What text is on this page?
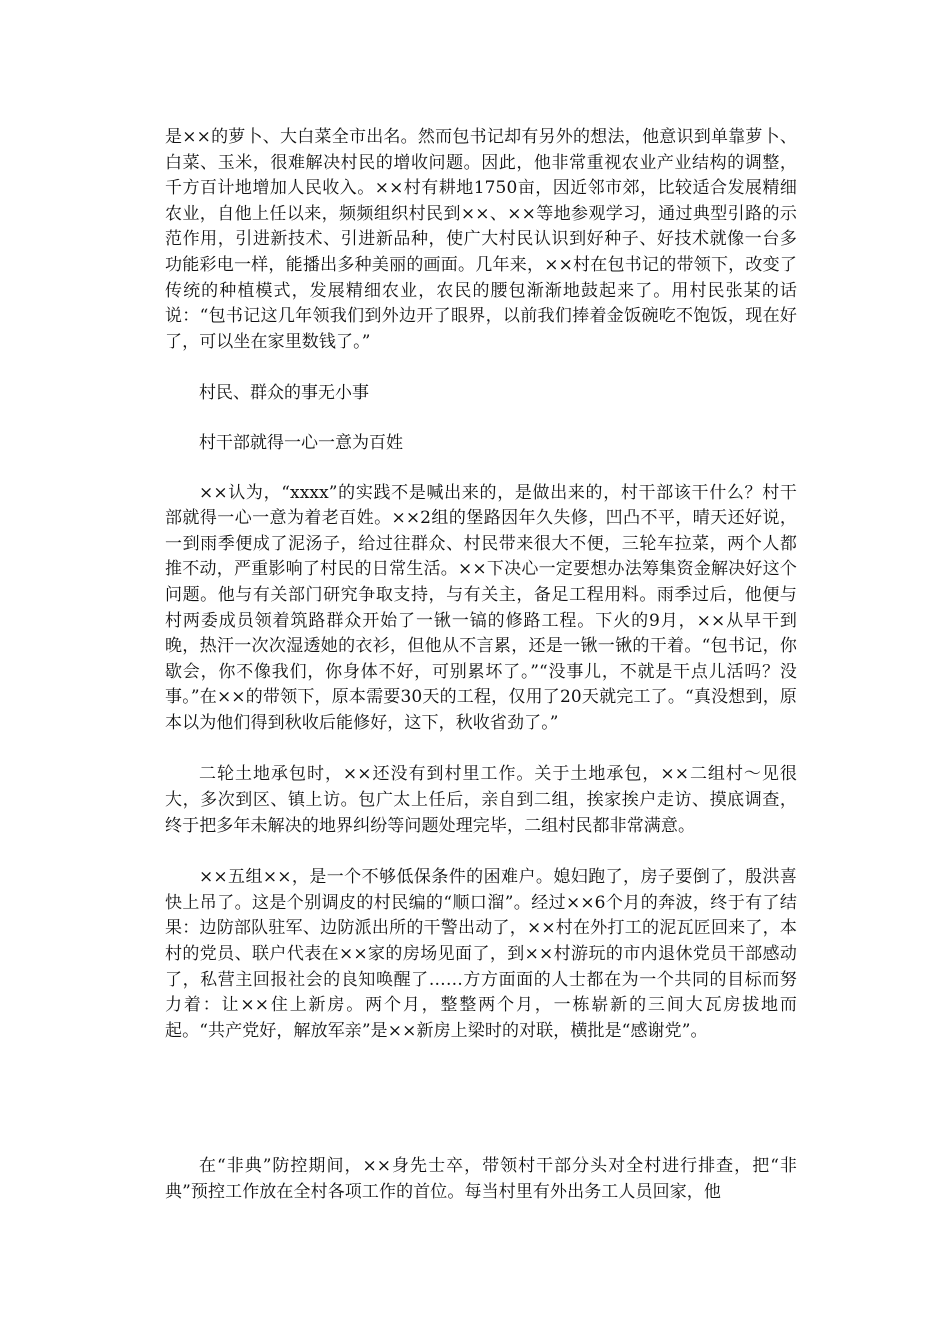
是××的萝卜、大白菜全市出名。然而包书记却有另外的想法，他意识到单靠萝卜、白菜、玉米，很难解决村民的增收问题。因此，他非常重视农业产业结构的调整，千方百计地增加人民收入。××村有耕地1750亩，因近邻市郊，比较适合发展精细农业，自他上任以来，频频组织村民到××、××等地参观学习，通过典型引路的示范作用，引进新技术、引进新品种，使广大村民认识到好种子、好技术就像一台多功能彩电一样，能播出多种美丽的画面。几年来，××村在包书记的带领下，改变了传统的种植模式，发展精细农业，农民的腰包渐渐地鼓起来了。用村民张某的话说：“包书记这几年领我们到外边开了眼界，以前我们捧着金饭碗吃不饱饭，现在好了，可以坐在家里数钱了。”

村民、群众的事无小事

村干部就得一心一意为百姓

××认为，“xxxx”的实践不是喊出来的，是做出来的，村干部该干什么？村干部就得一心一意为着老百姓。××2组的堡路因年久失修，凹凸不平，晴天还好说，一到雨季便成了泥汤子，给过往群众、村民带来很大不便，三轮车拉菜，两个人都推不动，严重影响了村民的日常生活。××下决心一定要想办法筹集资金解决好这个问题。他与有关部门研究争取支持，与有关主，备足工程用料。雨季过后，他便与村两委成员领着筑路群众开始了一锹一镐的修路工程。下火的9月，××从早干到晚，热汗一次次湿透她的衣衫，但他从不言累，还是一锹一锹的干着。“包书记，你歇会，你不像我们，你身体不好，可别累坏了。”“没事儿，不就是干点儿活吗？没事。”在××的带领下，原本需要30天的工程，仅用了20天就完工了。“真没想到，原本以为他们得到秋收后能修好，这下，秋收省劲了。”

二轮土地承包时，××还没有到村里工作。关于土地承包，××二组村～见很大，多次到区、镇上访。包广太上任后，亲自到二组，挨家挨户走访、摸底调查，终于把多年未解决的地界纠纷等问题处理完毕，二组村民都非常满意。

××五组××，是一个不够低保条件的困难户。媳妇跑了，房子要倒了，殷洪喜快上吊了。这是个别调皮的村民编的“顺口溜”。经过××6个月的奔波，终于有了结果：边防部队驻军、边防派出所的干警出动了，××村在外打工的泥瓦匠回来了，本村的党员、联户代表在××家的房场见面了，到××村游玩的市内退休党员干部感动了，私营主回报社会的良知唤醒了……方方面面的人士都在为一个共同的目标而努力着：让××住上新房。两个月，整整两个月，一栋崭新的三间大瓦房拔地而起。“共产党好，解放军亲”是××新房上梁时的对联，横批是“感谢党”。

在“非典”防控期间，××身先士卒，带领村干部分头对全村进行排查，把“非典”预控工作放在全村各项工作的首位。每当村里有外出务工人员回家，他
